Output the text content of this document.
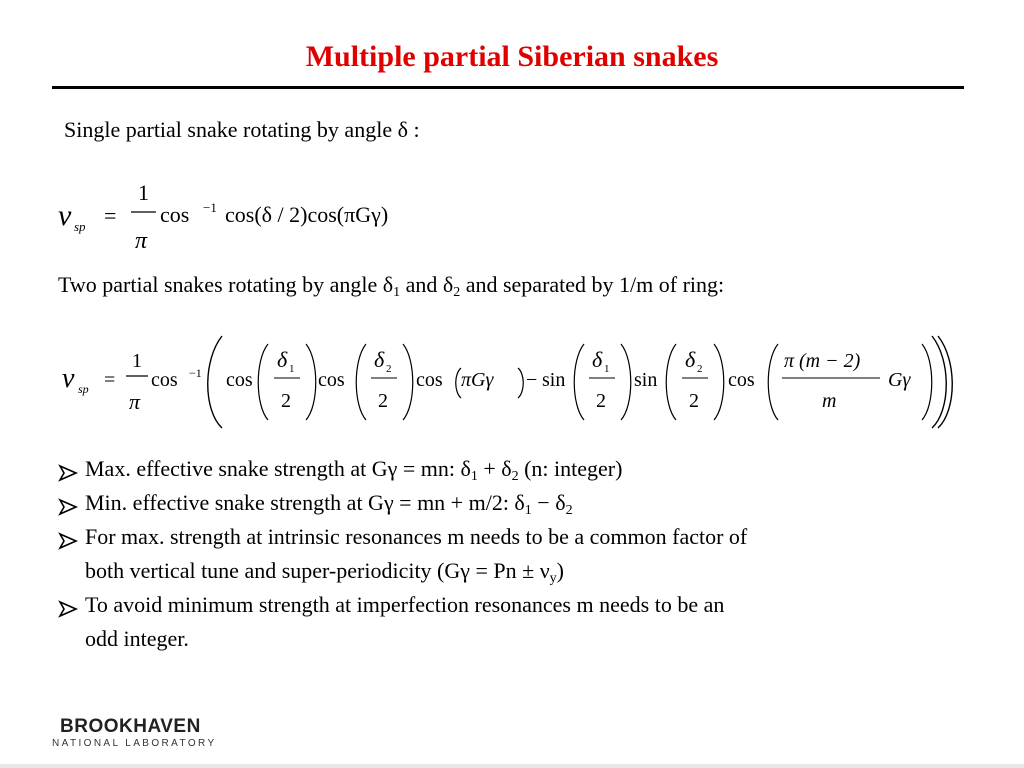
Multiple partial Siberian snakes
Single partial snake rotating by angle δ :
ν sp =
1
π
cos −1 cos(δ / 2)cos(πGγ)
Two partial snakes rotating by angle $\delta_1$ and $\delta_2$ and separated by 1/m of ring:
ν sp =
1
π
cos −1 cos
δ 1
2
cos
δ 2
2
cos πGγ − sin
δ 1
2
sin
δ 2
2
cos
π (m − 2)
m
Gγ
Max. effective snake strength at Gγ = mn: $\delta_1 + \delta_2$ (n: integer)
Min. effective snake strength at Gγ = mn + m/2: $\delta_1 - \delta_2$
For max. strength at intrinsic resonances m needs to be a common factor of
both vertical tune and super-periodicity $(G\gamma = Pn \pm \nu_y)$
To avoid minimum strength at imperfection resonances m needs to be an
odd integer.
BROOKHAVEN
NATIONAL LABORATORY
